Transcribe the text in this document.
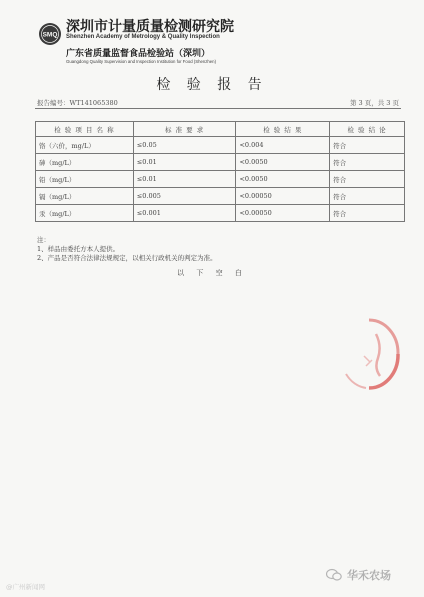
SMQ 深圳市计量质量检测研究院
Shenzhen Academy of Metrology & Quality Inspection
广东省质量监督食品检验站（深圳）
Guangdong Quality Supervision and Inspection Institution for Food (Shenzhen)
检 验 报 告
报告编号：WT141065380	第 3 页，共 3 页
检 验 项 目 名 称	标 准 要 求	检 验 结 果	检 验 结 论
铬（六价，mg/L）	≤0.05	<0.004	符合
砷（mg/L）	≤0.01	<0.0050	符合
铅（mg/L）	≤0.01	<0.0050	符合
镉（mg/L）	≤0.005	<0.00050	符合
汞（mg/L）	≤0.001	<0.00050	符合
注：
1、样品由委托方本人提供。
2、产品是否符合法律法规规定，以相关行政机关的判定为准。
以 下 空 白
@广州新闻网
华禾农场
